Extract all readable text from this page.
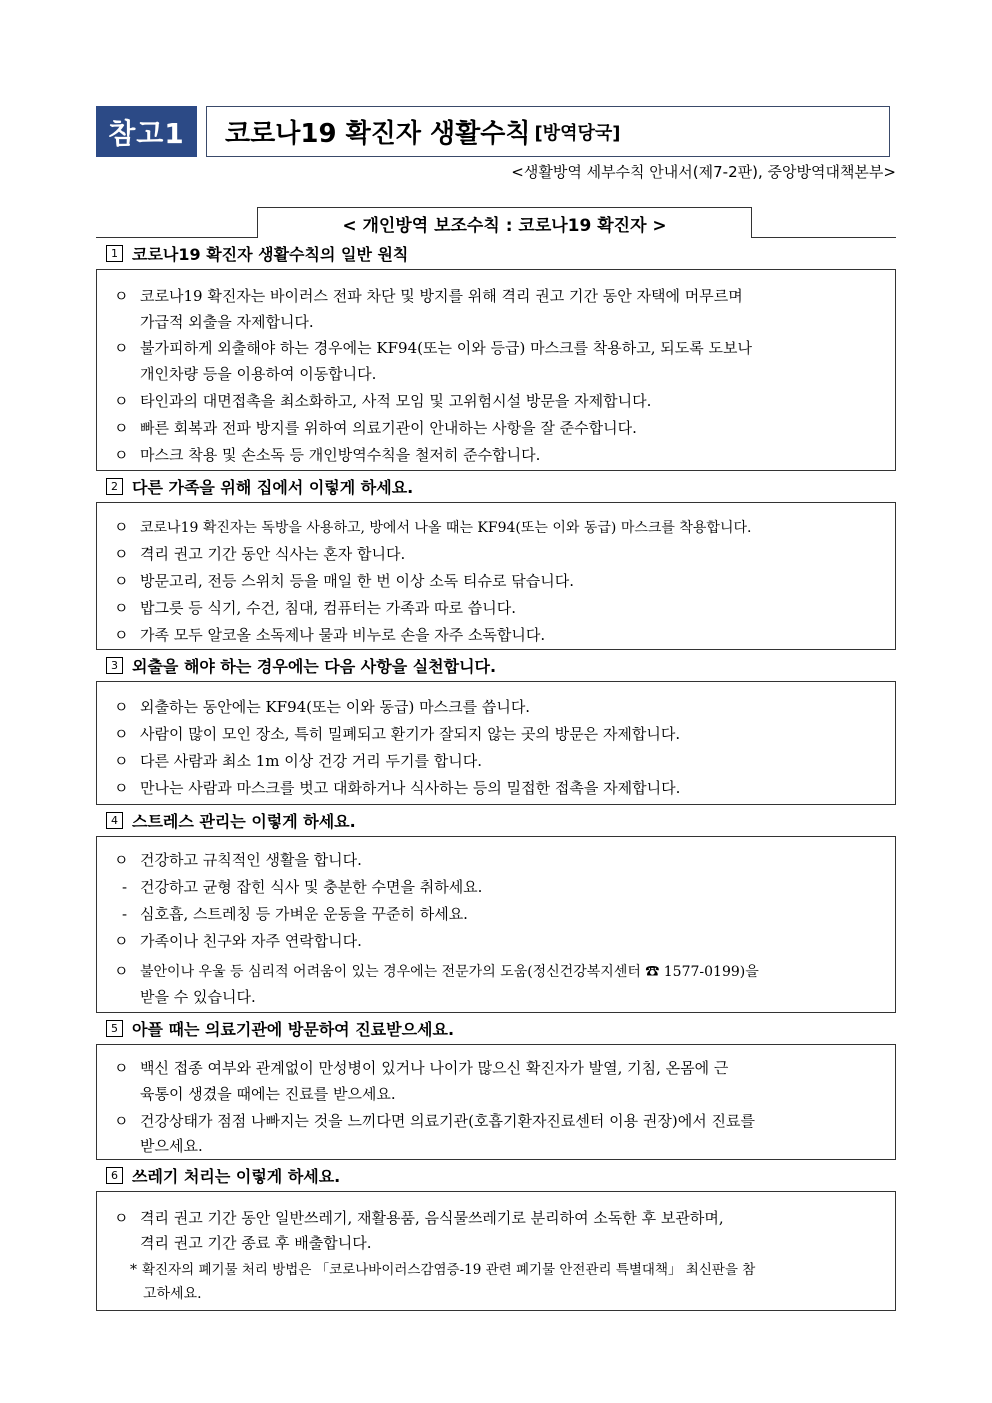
참고1	코로나19 확진자 생활수칙 [방역당국]
<생활방역 세부수칙 안내서(제7-2판), 중앙방역대책본부>
< 개인방역 보조수칙 : 코로나19 확진자 >
1 코로나19 확진자 생활수칙의 일반 원칙
ㅇ 코로나19 확진자는 바이러스 전파 차단 및 방지를 위해 격리 권고 기간 동안 자택에 머무르며
가급적 외출을 자제합니다.
ㅇ 불가피하게 외출해야 하는 경우에는 KF94(또는 이와 등급) 마스크를 착용하고, 되도록 도보나
개인차량 등을 이용하여 이동합니다.
ㅇ 타인과의 대면접촉을 최소화하고, 사적 모임 및 고위험시설 방문을 자제합니다.
ㅇ 빠른 회복과 전파 방지를 위하여 의료기관이 안내하는 사항을 잘 준수합니다.
ㅇ 마스크 착용 및 손소독 등 개인방역수칙을 철저히 준수합니다.
2 다른 가족을 위해 집에서 이렇게 하세요.
ㅇ 코로나19 확진자는 독방을 사용하고, 방에서 나올 때는 KF94(또는 이와 동급) 마스크를 착용합니다.
ㅇ 격리 권고 기간 동안 식사는 혼자 합니다.
ㅇ 방문고리, 전등 스위치 등을 매일 한 번 이상 소독 티슈로 닦습니다.
ㅇ 밥그릇 등 식기, 수건, 침대, 컴퓨터는 가족과 따로 씁니다.
ㅇ 가족 모두 알코올 소독제나 물과 비누로 손을 자주 소독합니다.
3 외출을 해야 하는 경우에는 다음 사항을 실천합니다.
ㅇ 외출하는 동안에는 KF94(또는 이와 동급) 마스크를 씁니다.
ㅇ 사람이 많이 모인 장소, 특히 밀폐되고 환기가 잘되지 않는 곳의 방문은 자제합니다.
ㅇ 다른 사람과 최소 1m 이상 건강 거리 두기를 합니다.
ㅇ 만나는 사람과 마스크를 벗고 대화하거나 식사하는 등의 밀접한 접촉을 자제합니다.
4 스트레스 관리는 이렇게 하세요.
ㅇ 건강하고 규칙적인 생활을 합니다.
- 건강하고 균형 잡힌 식사 및 충분한 수면을 취하세요.
- 심호흡, 스트레칭 등 가벼운 운동을 꾸준히 하세요.
ㅇ 가족이나 친구와 자주 연락합니다.
ㅇ 불안이나 우울 등 심리적 어려움이 있는 경우에는 전문가의 도움(정신건강복지센터 ☎ 1577-0199)을
받을 수 있습니다.
5 아플 때는 의료기관에 방문하여 진료받으세요.
ㅇ 백신 접종 여부와 관계없이 만성병이 있거나 나이가 많으신 확진자가 발열, 기침, 온몸에 근
육통이 생겼을 때에는 진료를 받으세요.
ㅇ 건강상태가 점점 나빠지는 것을 느끼다면 의료기관(호흡기환자진료센터 이용 권장)에서 진료를
받으세요.
6 쓰레기 처리는 이렇게 하세요.
ㅇ 격리 권고 기간 동안 일반쓰레기, 재활용품, 음식물쓰레기로 분리하여 소독한 후 보관하며,
격리 권고 기간 종료 후 배출합니다.
* 확진자의 폐기물 처리 방법은 「코로나바이러스감염증-19 관련 폐기물 안전관리 특별대책」 최신판을 참
고하세요.
